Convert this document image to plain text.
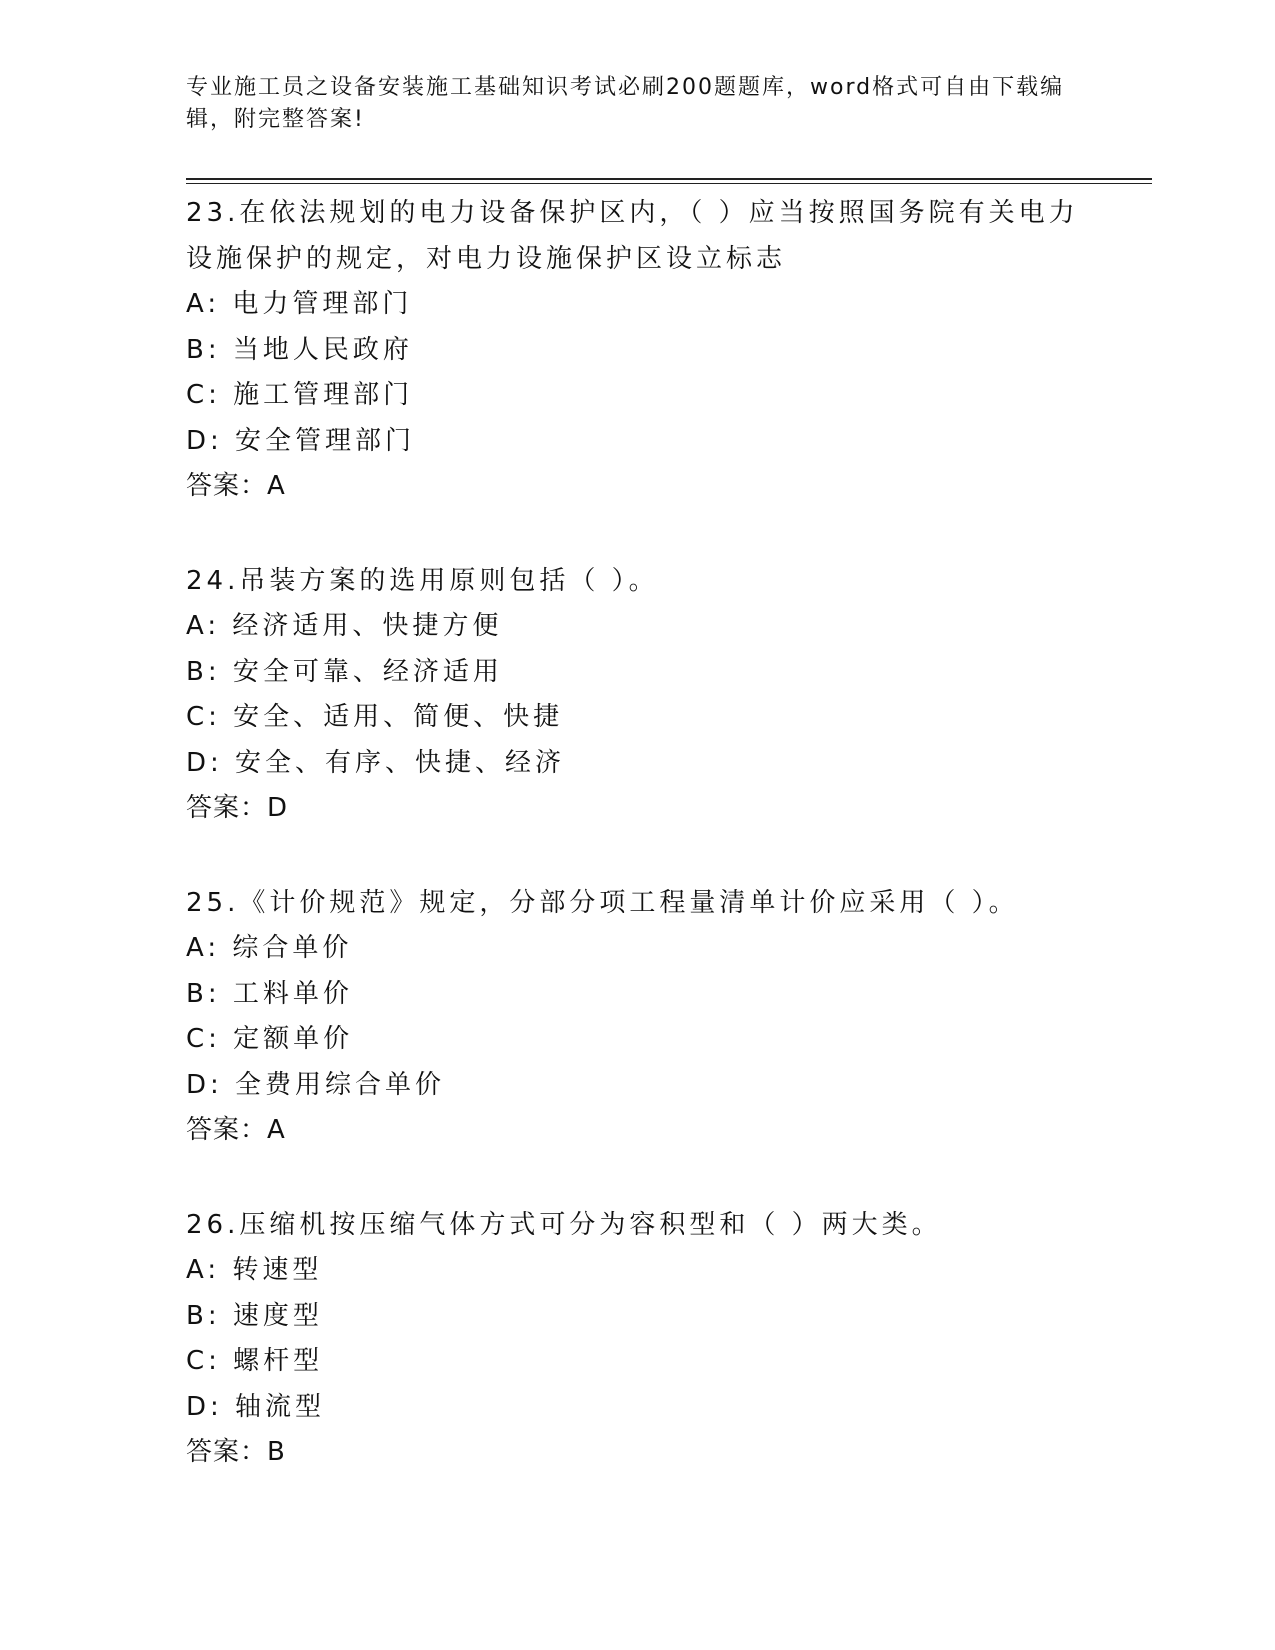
专业施工员之设备安装施工基础知识考试必刷200题题库，word格式可自由下载编辑，附完整答案!
23.在依法规划的电力设备保护区内，（ ）应当按照国务院有关电力设施保护的规定，对电力设施保护区设立标志
A: 电力管理部门
B: 当地人民政府
C: 施工管理部门
D: 安全管理部门
答案：A
24.吊装方案的选用原则包括（ ）。
A: 经济适用、快捷方便
B: 安全可靠、经济适用
C: 安全、适用、简便、快捷
D: 安全、有序、快捷、经济
答案：D
25.《计价规范》规定，分部分项工程量清单计价应采用（ ）。
A: 综合单价
B: 工料单价
C: 定额单价
D: 全费用综合单价
答案：A
26.压缩机按压缩气体方式可分为容积型和（ ）两大类。
A: 转速型
B: 速度型
C: 螺杆型
D: 轴流型
答案：B
